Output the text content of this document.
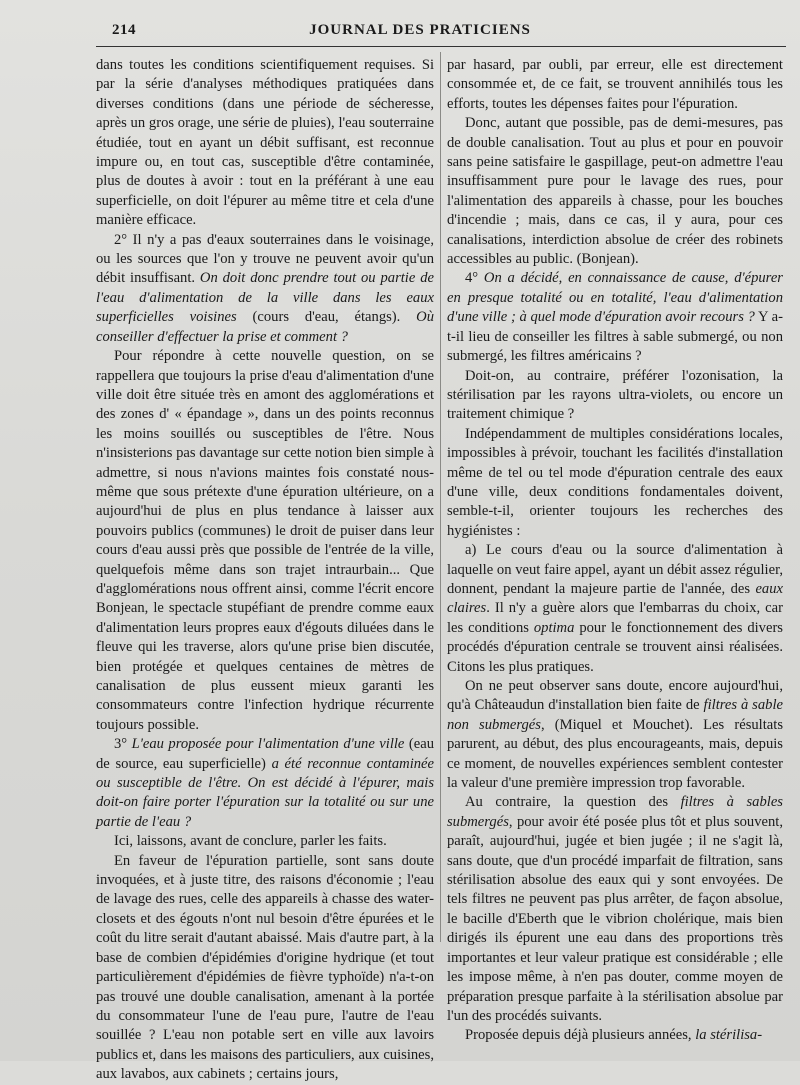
214	JOURNAL DES PRATICIENS

dans toutes les conditions scientifiquement requises. Si par la série d'analyses méthodiques pratiquées dans diverses conditions (dans une période de sécheresse, après un gros orage, une série de pluies), l'eau souterraine étudiée, tout en ayant un débit suffisant, est reconnue impure ou, en tout cas, susceptible d'être contaminée, plus de doutes à avoir : tout en la préférant à une eau superficielle, on doit l'épurer au même titre et cela d'une manière efficace.

2° Il n'y a pas d'eaux souterraines dans le voisinage, ou les sources que l'on y trouve ne peuvent avoir qu'un débit insuffisant. On doit donc prendre tout ou partie de l'eau d'alimentation de la ville dans les eaux superficielles voisines (cours d'eau, étangs). Où conseiller d'effectuer la prise et comment ?

Pour répondre à cette nouvelle question, on se rappellera que toujours la prise d'eau d'alimentation d'une ville doit être située très en amont des agglomérations et des zones d' « épandage », dans un des points reconnus les moins souillés ou susceptibles de l'être. Nous n'insisterions pas davantage sur cette notion bien simple à admettre, si nous n'avions maintes fois constaté nous-même que sous prétexte d'une épuration ultérieure, on a aujourd'hui de plus en plus tendance à laisser aux pouvoirs publics (communes) le droit de puiser dans leur cours d'eau aussi près que possible de l'entrée de la ville, quelquefois même dans son trajet intraurbain... Que d'agglomérations nous offrent ainsi, comme l'écrit encore Bonjean, le spectacle stupéfiant de prendre comme eaux d'alimentation leurs propres eaux d'égouts diluées dans le fleuve qui les traverse, alors qu'une prise bien discutée, bien protégée et quelques centaines de mètres de canalisation de plus eussent mieux garanti les consommateurs contre l'infection hydrique récurrente toujours possible.

3° L'eau proposée pour l'alimentation d'une ville (eau de source, eau superficielle) a été reconnue contaminée ou susceptible de l'être. On est décidé à l'épurer, mais doit-on faire porter l'épuration sur la totalité ou sur une partie de l'eau ?

Ici, laissons, avant de conclure, parler les faits.

En faveur de l'épuration partielle, sont sans doute invoquées, et à juste titre, des raisons d'économie ; l'eau de lavage des rues, celle des appareils à chasse des water-closets et des égouts n'ont nul besoin d'être épurées et le coût du litre serait d'autant abaissé. Mais d'autre part, à la base de combien d'épidémies d'origine hydrique (et tout particulièrement d'épidémies de fièvre typhoïde) n'a-t-on pas trouvé une double canalisation, amenant à la portée du consommateur l'une de l'eau pure, l'autre de l'eau souillée ? L'eau non potable sert en ville aux lavoirs publics et, dans les maisons des particuliers, aux cuisines, aux lavabos, aux cabinets ; certains jours,

par hasard, par oubli, par erreur, elle est directement consommée et, de ce fait, se trouvent annihilés tous les efforts, toutes les dépenses faites pour l'épuration.

Donc, autant que possible, pas de demi-mesures, pas de double canalisation. Tout au plus et pour en pouvoir sans peine satisfaire le gaspillage, peut-on admettre l'eau insuffisamment pure pour le lavage des rues, pour l'alimentation des appareils à chasse, pour les bouches d'incendie ; mais, dans ce cas, il y aura, pour ces canalisations, interdiction absolue de créer des robinets accessibles au public. (Bonjean).

4° On a décidé, en connaissance de cause, d'épurer en presque totalité ou en totalité, l'eau d'alimentation d'une ville ; à quel mode d'épuration avoir recours ? Y a-t-il lieu de conseiller les filtres à sable submergé, ou non submergé, les filtres américains ?

Doit-on, au contraire, préférer l'ozonisation, la stérilisation par les rayons ultra-violets, ou encore un traitement chimique ?

Indépendamment de multiples considérations locales, impossibles à prévoir, touchant les facilités d'installation même de tel ou tel mode d'épuration centrale des eaux d'une ville, deux conditions fondamentales doivent, semble-t-il, orienter toujours les recherches des hygiénistes :

a) Le cours d'eau ou la source d'alimentation à laquelle on veut faire appel, ayant un débit assez régulier, donnent, pendant la majeure partie de l'année, des eaux claires. Il n'y a guère alors que l'embarras du choix, car les conditions optima pour le fonctionnement des divers procédés d'épuration centrale se trouvent ainsi réalisées. Citons les plus pratiques.

On ne peut observer sans doute, encore aujourd'hui, qu'à Châteaudun d'installation bien faite de filtres à sable non submergés, (Miquel et Mouchet). Les résultats parurent, au début, des plus encourageants, mais, depuis ce moment, de nouvelles expériences semblent contester la valeur d'une première impression trop favorable.

Au contraire, la question des filtres à sables submergés, pour avoir été posée plus tôt et plus souvent, paraît, aujourd'hui, jugée et bien jugée ; il ne s'agit là, sans doute, que d'un procédé imparfait de filtration, sans stérilisation absolue des eaux qui y sont envoyées. De tels filtres ne peuvent pas plus arrêter, de façon absolue, le bacille d'Eberth que le vibrion cholérique, mais bien dirigés ils épurent une eau dans des proportions très importantes et leur valeur pratique est considérable ; elle les impose même, à n'en pas douter, comme moyen de préparation presque parfaite à la stérilisation absolue par l'un des procédés suivants.

Proposée depuis déjà plusieurs années, la stérilisa-
